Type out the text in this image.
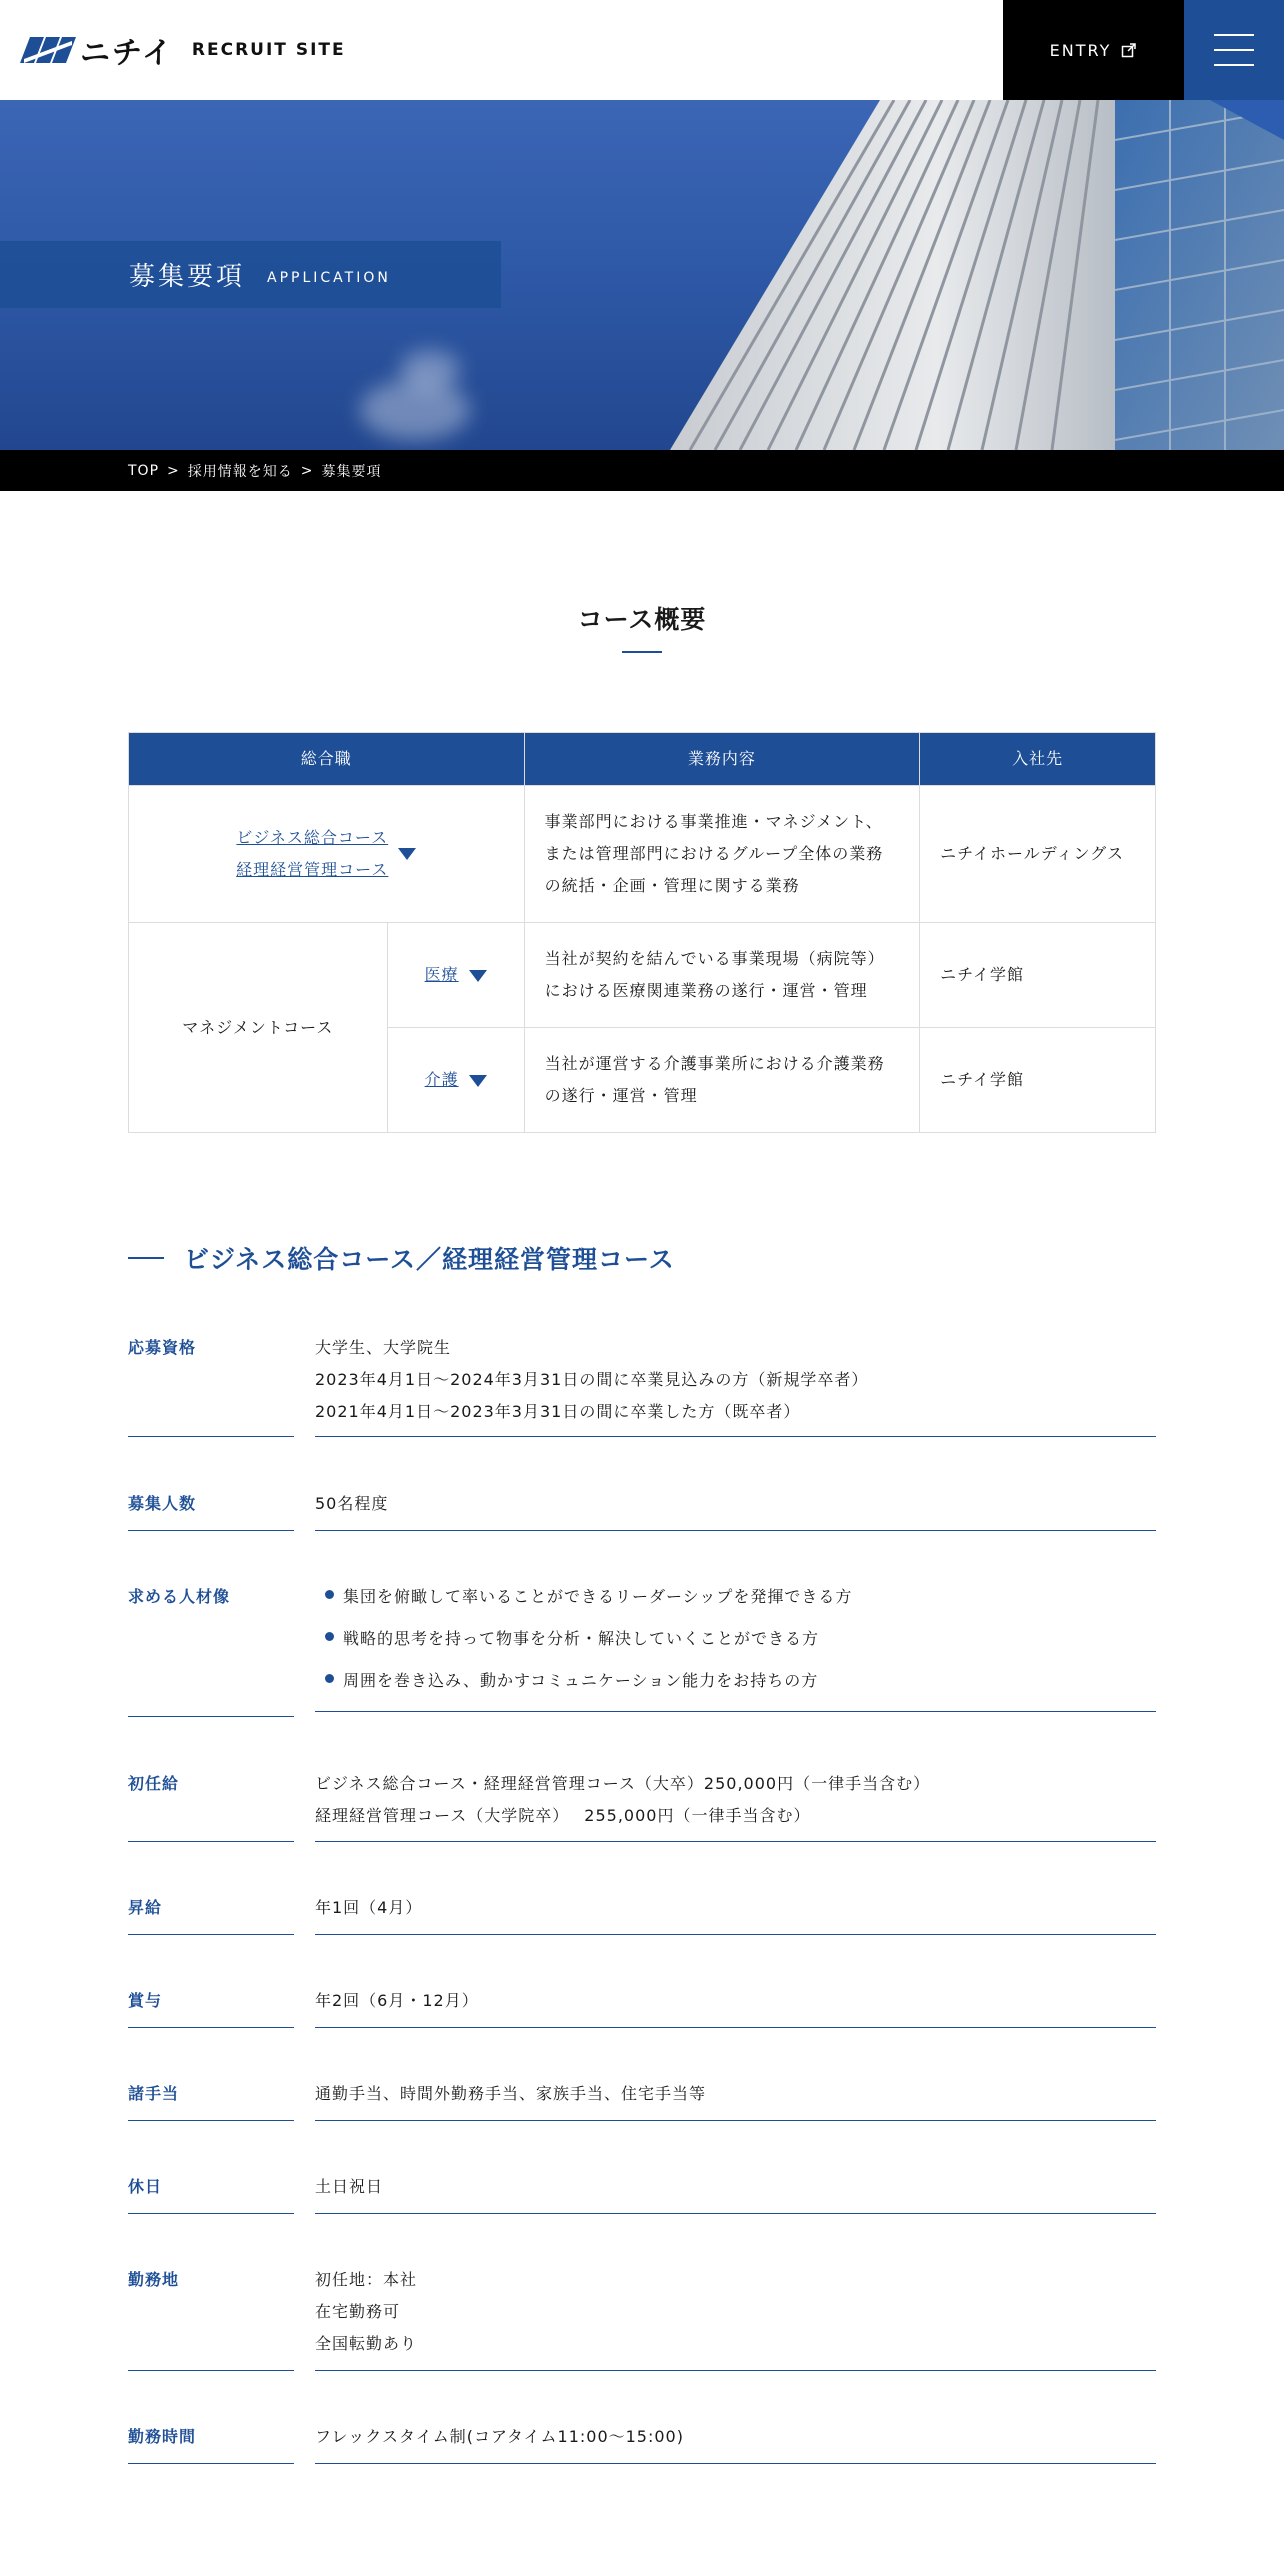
ニチイ RECRUIT SITE	ENTRY
募集要項 APPLICATION
TOP > 採用情報を知る > 募集要項
コース概要
総合職		業務内容	入社先
ビジネス総合コース
経理経営管理コース		事業部門における事業推進・マネジメント、
または管理部門におけるグループ全体の業務
の統括・企画・管理に関する業務	ニチイホールディングス
マネジメントコース	医療	当社が契約を結んでいる事業現場（病院等）
における医療関連業務の遂行・運営・管理	ニチイ学館
	介護	当社が運営する介護事業所における介護業務
の遂行・運営・管理	ニチイ学館
ビジネス総合コース／経理経営管理コース
応募資格	大学生、大学院生
2023年4月1日～2024年3月31日の間に卒業見込みの方（新規学卒者）
2021年4月1日～2023年3月31日の間に卒業した方（既卒者）
募集人数	50名程度
求める人材像	集団を俯瞰して率いることができるリーダーシップを発揮できる方
戦略的思考を持って物事を分析・解決していくことができる方
周囲を巻き込み、動かすコミュニケーション能力をお持ちの方
初任給	ビジネス総合コース・経理経営管理コース（大卒）250,000円（一律手当含む）
経理経営管理コース（大学院卒）　 255,000円（一律手当含む）
昇給	年1回（4月）
賞与	年2回（6月・12月）
諸手当	通勤手当、時間外勤務手当、家族手当、住宅手当等
休日	土日祝日
勤務地	初任地：本社
在宅勤務可
全国転勤あり
勤務時間	フレックスタイム制(コアタイム11:00～15:00)
